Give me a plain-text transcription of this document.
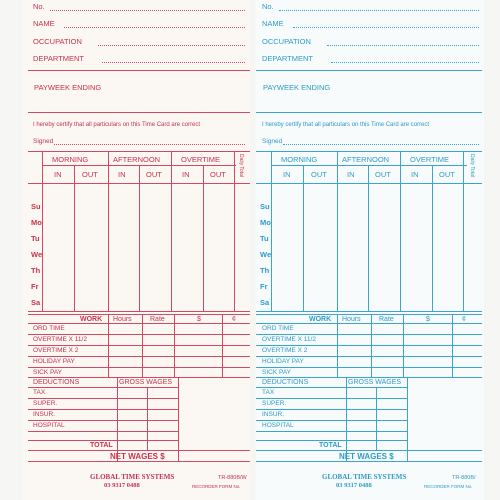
No.
NAME
OCCUPATION
DEPARTMENT
PAYWEEK ENDING
I hereby certify that all particulars on this Time Card are correct
Signed
MORNING	AFTERNOON	OVERTIME	Daily Total
IN	OUT	IN	OUT	IN	OUT
Su
Mo
Tu
We
Th
Fr
Sa
WORK Hours	Rate	$	¢
ORD TIME
OVERTIME X 11/2
OVERTIME X 2
HOLIDAY PAY
SICK PAY
DEDUCTIONS	GROSS WAGES
TAX
SUPER.
INSUR.
HOSPITAL
TOTAL
NET WAGES $
GLOBAL TIME SYSTEMS
03 9317 0488
TR-880B/W
RECORDER FORM No.
No.
NAME
OCCUPATION
DEPARTMENT
PAYWEEK ENDING
I hereby certify that all particulars on this Time Card are correct
Signed
MORNING	AFTERNOON	OVERTIME	Daily Total
IN	OUT	IN	OUT	IN	OUT
Su
Mo
Tu
We
Th
Fr
Sa
WORK Hours	Rate	$	¢
ORD TIME
OVERTIME X 11/2
OVERTIME X 2
HOLIDAY PAY
SICK PAY
DEDUCTIONS	GROSS WAGES
TAX
SUPER.
INSUR.
HOSPITAL
TOTAL
NET WAGES $
GLOBAL TIME SYSTEMS
03 9317 0488
TR-880B/
RECORDER FORM No.
